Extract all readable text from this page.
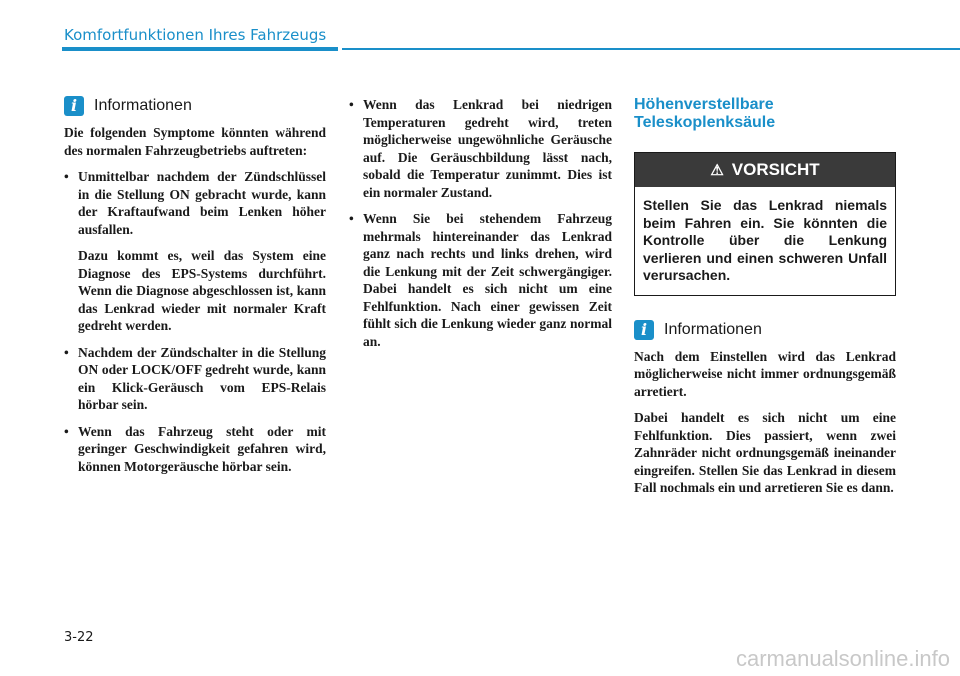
Komfortfunktionen Ihres Fahrzeugs
i	Informationen

Die folgenden Symptome könnten während des normalen Fahrzeugbetriebs auftreten:

• Unmittelbar nachdem der Zündschlüssel in die Stellung ON gebracht wurde, kann der Kraftaufwand beim Lenken höher ausfallen.

Dazu kommt es, weil das System eine Diagnose des EPS-Systems durchführt. Wenn die Diagnose abgeschlossen ist, kann das Lenkrad wieder mit normaler Kraft gedreht werden.

• Nachdem der Zündschalter in die Stellung ON oder LOCK/OFF gedreht wurde, kann ein Klick-Geräusch vom EPS-Relais hörbar sein.
• Wenn das Fahrzeug steht oder mit geringer Geschwindigkeit gefahren wird, können Motorgeräusche hörbar sein.
• Wenn das Lenkrad bei niedrigen Temperaturen gedreht wird, treten möglicherweise ungewöhnliche Geräusche auf. Die Geräuschbildung lässt nach, sobald die Temperatur zunimmt. Dies ist ein normaler Zustand.
• Wenn Sie bei stehendem Fahrzeug mehrmals hintereinander das Lenkrad ganz nach rechts und links drehen, wird die Lenkung mit der Zeit schwergängiger. Dabei handelt es sich nicht um eine Fehlfunktion. Nach einer gewissen Zeit fühlt sich die Lenkung wieder ganz normal an.
Höhenverstellbare
Teleskoplenksäule
⚠ VORSICHT
Stellen Sie das Lenkrad niemals beim Fahren ein. Sie könnten die Kontrolle über die Lenkung verlieren und einen schweren Unfall verursachen.
i	Informationen

Nach dem Einstellen wird das Lenkrad möglicherweise nicht immer ordnungsgemäß arretiert.

Dabei handelt es sich nicht um eine Fehlfunktion. Dies passiert, wenn zwei Zahnräder nicht ordnungsgemäß ineinander eingreifen. Stellen Sie das Lenkrad in diesem Fall nochmals ein und arretieren Sie es dann.

3-22
carmanualsonline.info
